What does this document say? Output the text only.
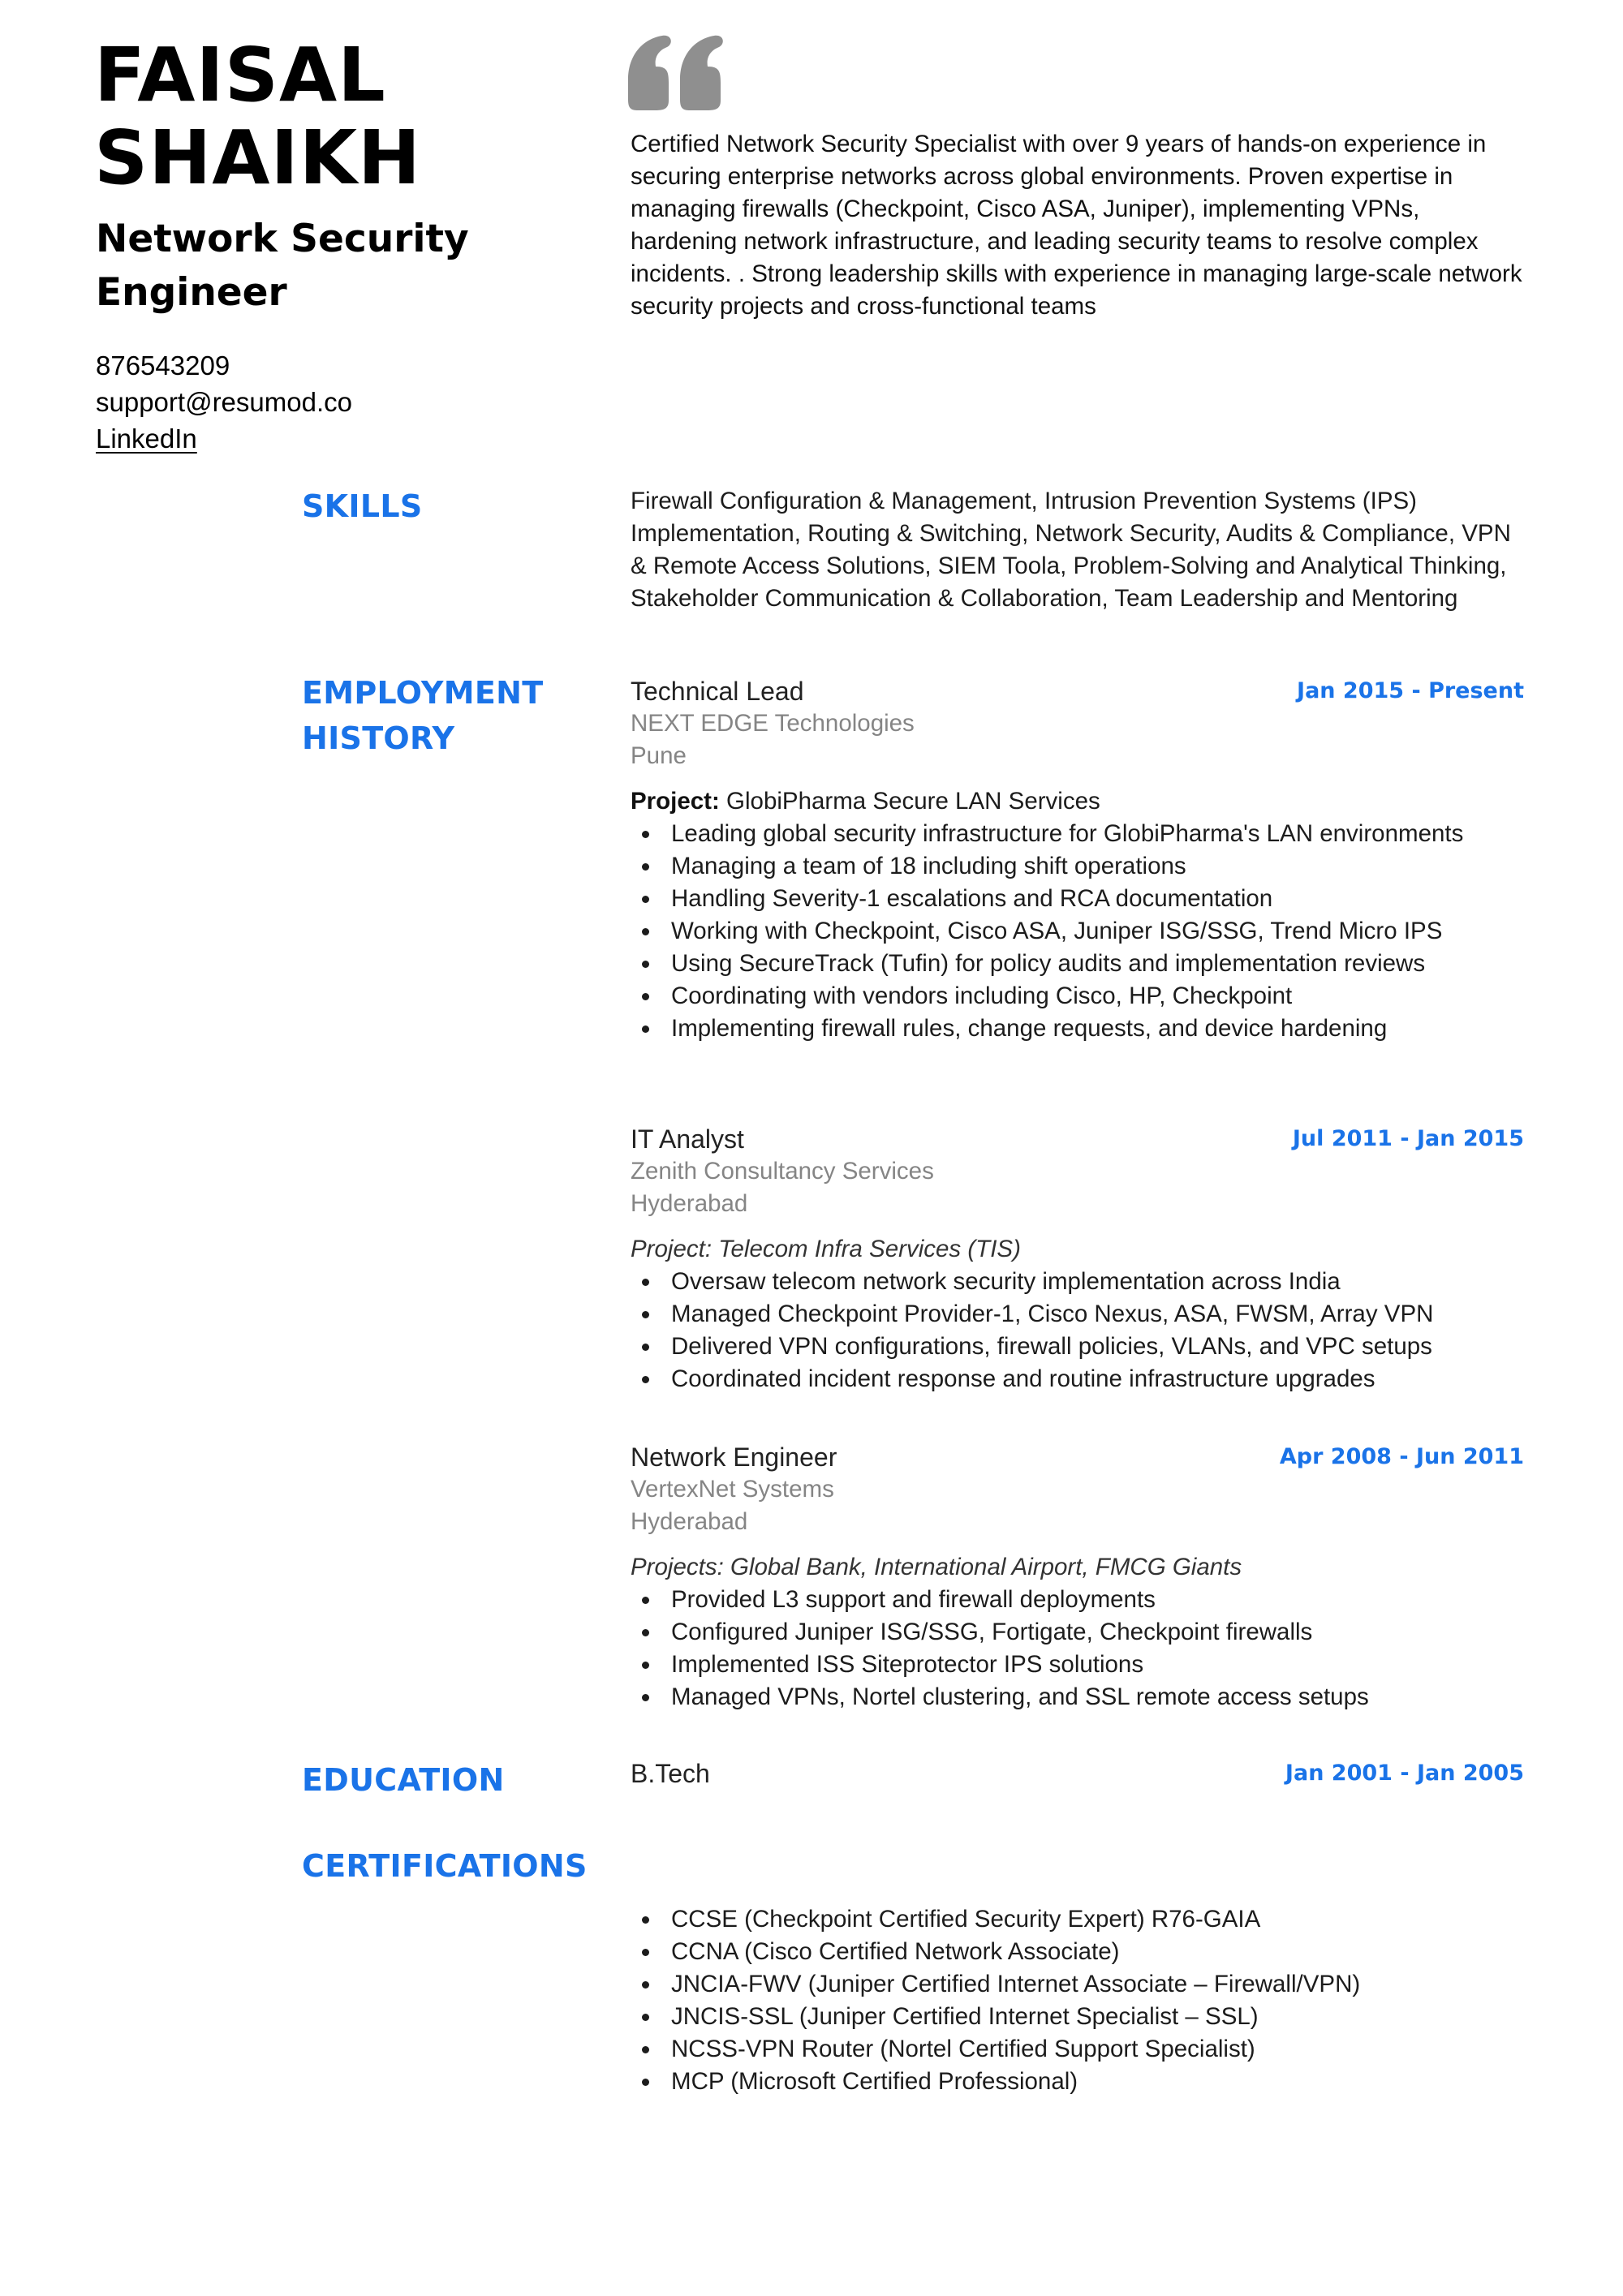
FAISAL
SHAIKH
Network Security
Engineer
876543209
support@resumod.co
LinkedIn

Certified Network Security Specialist with over 9 years of hands-on experience in securing enterprise networks across global environments. Proven expertise in managing firewalls (Checkpoint, Cisco ASA, Juniper), implementing VPNs, hardening network infrastructure, and leading security teams to resolve complex incidents. . Strong leadership skills with experience in managing large-scale network security projects and cross-functional teams

SKILLS	Firewall Configuration & Management, Intrusion Prevention Systems (IPS) Implementation, Routing & Switching, Network Security, Audits & Compliance, VPN & Remote Access Solutions, SIEM Toola, Problem-Solving and Analytical Thinking, Stakeholder Communication & Collaboration, Team Leadership and Mentoring

EMPLOYMENT
HISTORY
Technical Lead	Jan 2015 - Present
NEXT EDGE Technologies
Pune
Project: GlobiPharma Secure LAN Services
Leading global security infrastructure for GlobiPharma's LAN environments
Managing a team of 18 including shift operations
Handling Severity-1 escalations and RCA documentation
Working with Checkpoint, Cisco ASA, Juniper ISG/SSG, Trend Micro IPS
Using SecureTrack (Tufin) for policy audits and implementation reviews
Coordinating with vendors including Cisco, HP, Checkpoint
Implementing firewall rules, change requests, and device hardening
IT Analyst	Jul 2011 - Jan 2015
Zenith Consultancy Services
Hyderabad
Project: Telecom Infra Services (TIS)
Oversaw telecom network security implementation across India
Managed Checkpoint Provider-1, Cisco Nexus, ASA, FWSM, Array VPN
Delivered VPN configurations, firewall policies, VLANs, and VPC setups
Coordinated incident response and routine infrastructure upgrades
Network Engineer	Apr 2008 - Jun 2011
VertexNet Systems
Hyderabad
Projects: Global Bank, International Airport, FMCG Giants
Provided L3 support and firewall deployments
Configured Juniper ISG/SSG, Fortigate, Checkpoint firewalls
Implemented ISS Siteprotector IPS solutions
Managed VPNs, Nortel clustering, and SSL remote access setups
EDUCATION	B.Tech	Jan 2001 - Jan 2005
CERTIFICATIONS
CCSE (Checkpoint Certified Security Expert) R76-GAIA
CCNA (Cisco Certified Network Associate)
JNCIA-FWV (Juniper Certified Internet Associate – Firewall/VPN)
JNCIS-SSL (Juniper Certified Internet Specialist – SSL)
NCSS-VPN Router (Nortel Certified Support Specialist)
MCP (Microsoft Certified Professional)
